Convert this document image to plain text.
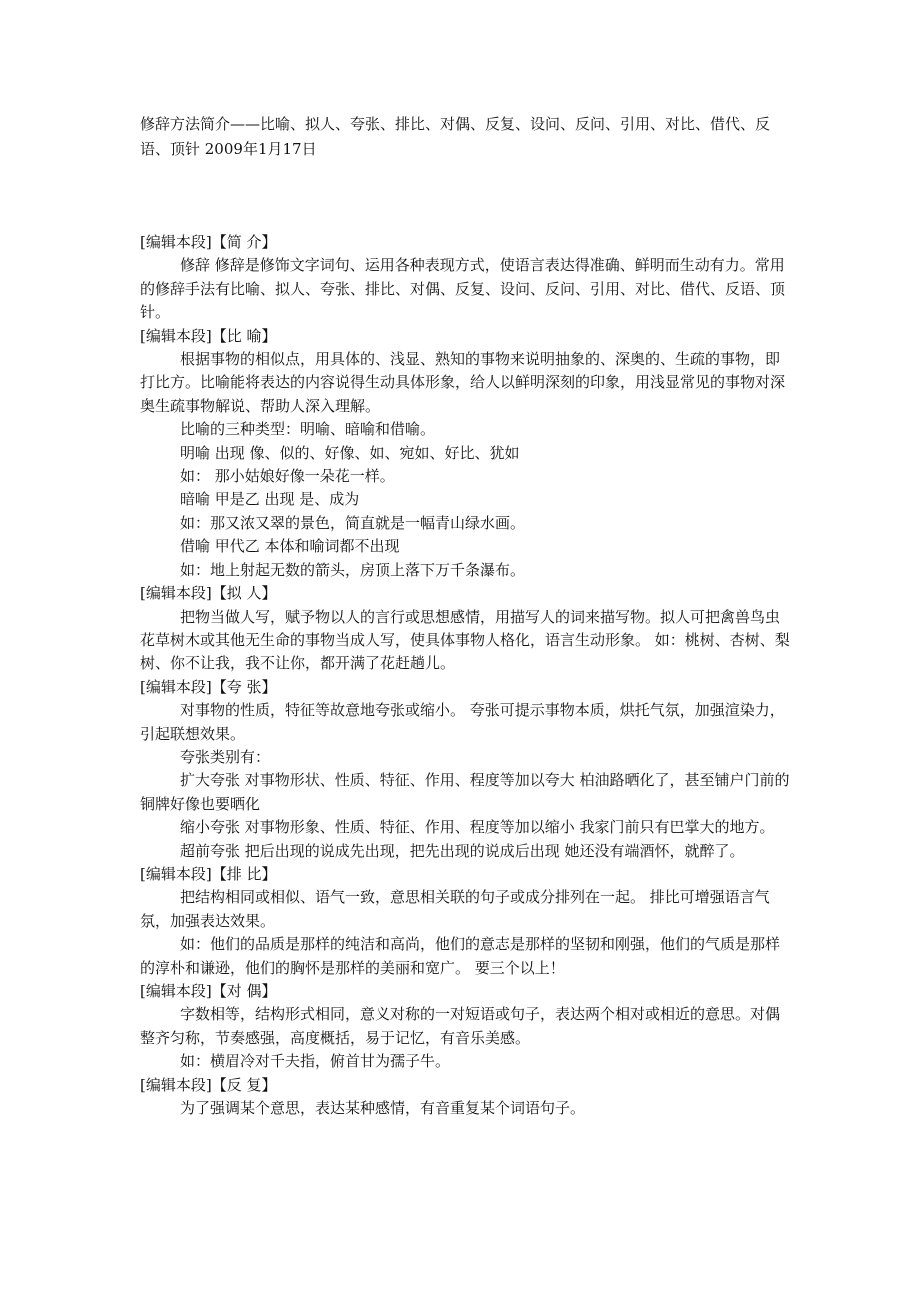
修辞方法简介——比喻、拟人、夸张、排比、对偶、反复、设问、反问、引用、对比、借代、反语、顶针 2009年1月17日

[编辑本段]【简 介】

修辞 修辞是修饰文字词句、运用各种表现方式，使语言表达得准确、鲜明而生动有力。常用的修辞手法有比喻、拟人、夸张、排比、对偶、反复、设问、反问、引用、对比、借代、反语、顶针。

[编辑本段]【比 喻】

根据事物的相似点，用具体的、浅显、熟知的事物来说明抽象的、深奥的、生疏的事物，即打比方。比喻能将表达的内容说得生动具体形象，给人以鲜明深刻的印象，用浅显常见的事物对深奥生疏事物解说、帮助人深入理解。

比喻的三种类型：明喻、暗喻和借喻。

明喻 出现 像、似的、好像、如、宛如、好比、犹如

如： 那小姑娘好像一朵花一样。

暗喻 甲是乙 出现 是、成为

如：那又浓又翠的景色，简直就是一幅青山绿水画。

借喻 甲代乙 本体和喻词都不出现

如：地上射起无数的箭头，房顶上落下万千条瀑布。

[编辑本段]【拟 人】

把物当做人写，赋予物以人的言行或思想感情，用描写人的词来描写物。拟人可把禽兽鸟虫花草树木或其他无生命的事物当成人写，使具体事物人格化，语言生动形象。 如：桃树、杏树、梨树、你不让我，我不让你，都开满了花赶趟儿。

[编辑本段]【夸 张】

对事物的性质，特征等故意地夸张或缩小。 夸张可提示事物本质，烘托气氛，加强渲染力，引起联想效果。

夸张类别有：

扩大夸张 对事物形状、性质、特征、作用、程度等加以夸大 柏油路晒化了，甚至铺户门前的铜牌好像也要晒化

缩小夸张 对事物形象、性质、特征、作用、程度等加以缩小 我家门前只有巴掌大的地方。

超前夸张 把后出现的说成先出现，把先出现的说成后出现 她还没有端酒怀，就醉了。

[编辑本段]【排 比】

把结构相同或相似、语气一致，意思相关联的句子或成分排列在一起。 排比可增强语言气氛，加强表达效果。

如：他们的品质是那样的纯洁和高尚，他们的意志是那样的坚韧和刚强，他们的气质是那样的淳朴和谦逊，他们的胸怀是那样的美丽和宽广。 要三个以上！

[编辑本段]【对 偶】

字数相等，结构形式相同，意义对称的一对短语或句子，表达两个相对或相近的意思。对偶整齐匀称，节奏感强，高度概括，易于记忆，有音乐美感。

如：横眉冷对千夫指，俯首甘为孺子牛。

[编辑本段]【反 复】

为了强调某个意思，表达某种感情，有音重复某个词语句子。
